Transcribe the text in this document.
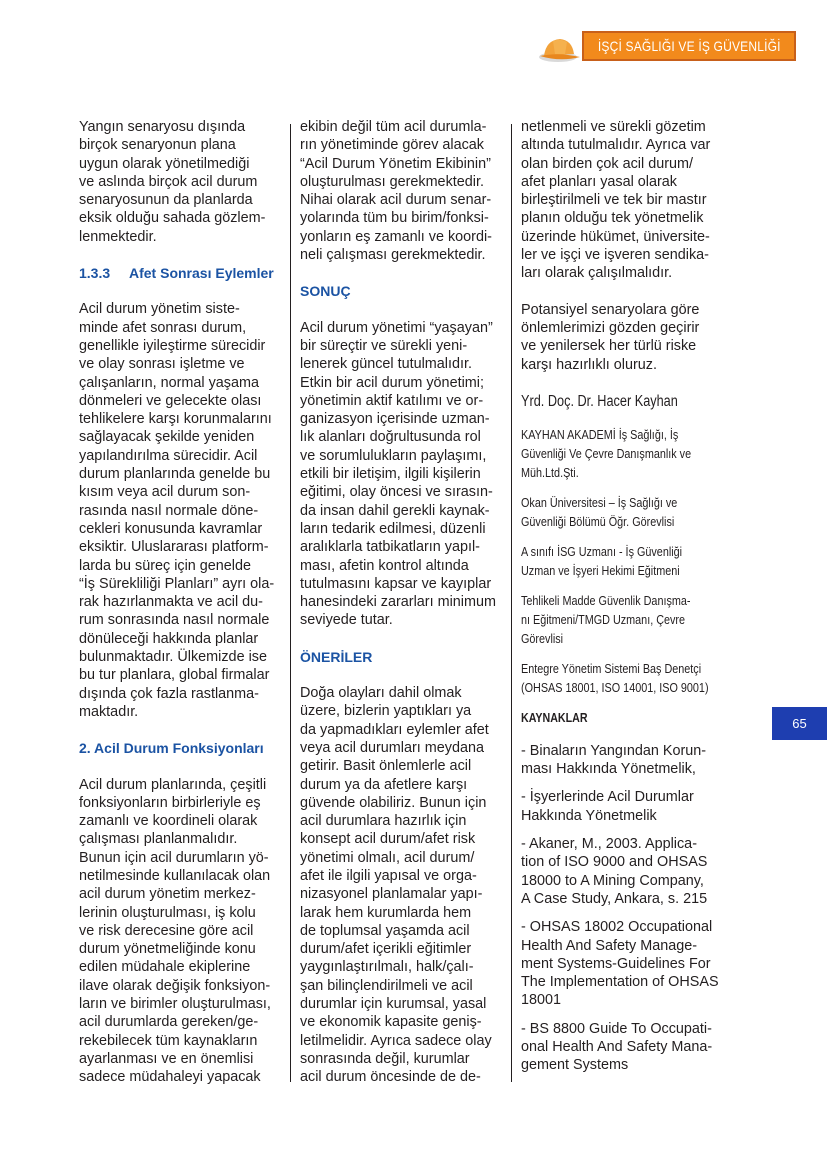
İŞÇİ SAĞLIĞI VE İŞ GÜVENLİĞİ

Yangın senaryosu dışında
birçok senaryonun plana
uygun olarak yönetilmediği
ve aslında birçok acil durum
senaryosunun da planlarda
eksik olduğu sahada gözlem-
lenmektedir.

1.3.3 Afet Sonrası Eylemler

Acil durum yönetim siste-
minde afet sonrası durum,
genellikle iyileştirme sürecidir
ve olay sonrası işletme ve
çalışanların, normal yaşama
dönmeleri ve gelecekte olası
tehlikelere karşı korunmalarını
sağlayacak şekilde yeniden
yapılandırılma sürecidir. Acil
durum planlarında genelde bu
kısım veya acil durum son-
rasında nasıl normale döne-
cekleri konusunda kavramlar
eksiktir. Uluslararası platform-
larda bu süreç için genelde
“İş Sürekliliği Planları” ayrı ola-
rak hazırlanmakta ve acil du-
rum sonrasında nasıl normale
dönüleceği hakkında planlar
bulunmaktadır. Ülkemizde ise
bu tur planlara, global firmalar
dışında çok fazla rastlanma-
maktadır.

2. Acil Durum Fonksiyonları

Acil durum planlarında, çeşitli
fonksiyonların birbirleriyle eş
zamanlı ve koordineli olarak
çalışması planlanmalıdır.
Bunun için acil durumların yö-
netilmesinde kullanılacak olan
acil durum yönetim merkez-
lerinin oluşturulması, iş kolu
ve risk derecesine göre acil
durum yönetmeliğinde konu
edilen müdahale ekiplerine
ilave olarak değişik fonksiyon-
ların ve birimler oluşturulması,
acil durumlarda gereken/ge-
rekebilecek tüm kaynakların
ayarlanması ve en önemlisi
sadece müdahaleyi yapacak

ekibin değil tüm acil durumla-
rın yönetiminde görev alacak
“Acil Durum Yönetim Ekibinin”
oluşturulması gerekmektedir.
Nihai olarak acil durum senar-
yolarında tüm bu birim/fonksi-
yonların eş zamanlı ve koordi-
neli çalışması gerekmektedir.

SONUÇ

Acil durum yönetimi “yaşayan”
bir süreçtir ve sürekli yeni-
lenerek güncel tutulmalıdır.
Etkin bir acil durum yönetimi;
yönetimin aktif katılımı ve or-
ganizasyon içerisinde uzman-
lık alanları doğrultusunda rol
ve sorumlulukların paylaşımı,
etkili bir iletişim, ilgili kişilerin
eğitimi, olay öncesi ve sırasın-
da insan dahil gerekli kaynak-
ların tedarik edilmesi, düzenli
aralıklarla tatbikatların yapıl-
ması, afetin kontrol altında
tutulmasını kapsar ve kayıplar
hanesindeki zararları minimum
seviyede tutar.

ÖNERİLER

Doğa olayları dahil olmak
üzere, bizlerin yaptıkları ya
da yapmadıkları eylemler afet
veya acil durumları meydana
getirir. Basit önlemlerle acil
durum ya da afetlere karşı
güvende olabiliriz. Bunun için
acil durumlara hazırlık için
konsept acil durum/afet risk
yönetimi olmalı, acil durum/
afet ile ilgili yapısal ve orga-
nizasyonel planlamalar yapı-
larak hem kurumlarda hem
de toplumsal yaşamda acil
durum/afet içerikli eğitimler
yaygınlaştırılmalı, halk/çalı-
şan bilinçlendirilmeli ve acil
durumlar için kurumsal, yasal
ve ekonomik kapasite geniş-
letilmelidir. Ayrıca sadece olay
sonrasında değil, kurumlar
acil durum öncesinde de de-

netlenmeli ve sürekli gözetim
altında tutulmalıdır. Ayrıca var
olan birden çok acil durum/
afet planları yasal olarak
birleştirilmeli ve tek bir mastır
planın olduğu tek yönetmelik
üzerinde hükümet, üniversite-
ler ve işçi ve işveren sendika-
ları olarak çalışılmalıdır.

Potansiyel senaryolara göre
önlemlerimizi gözden geçirir
ve yenilersek her türlü riske
karşı hazırlıklı oluruz.

Yrd. Doç. Dr. Hacer Kayhan
KAYHAN AKADEMİ İş Sağlığı, İş
Güvenliği Ve Çevre Danışmanlık ve
Müh.Ltd.Şti.
Okan Üniversitesi – İş Sağlığı ve
Güvenliği Bölümü Öğr. Görevlisi
A sınıfı İSG Uzmanı - İş Güvenliği
Uzman ve İşyeri Hekimi Eğitmeni
Tehlikeli Madde Güvenlik Danışma-
nı Eğitmeni/TMGD Uzmanı, Çevre
Görevlisi
Entegre Yönetim Sistemi Baş Denetçi
(OHSAS 18001, ISO 14001, ISO 9001)
KAYNAKLAR
- Binaların Yangından Korun-
ması Hakkında Yönetmelik,
- İşyerlerinde Acil Durumlar
Hakkında Yönetmelik
- Akaner, M., 2003. Applica-
tion of ISO 9000 and OHSAS
18000 to A Mining Company,
A Case Study, Ankara, s. 215
- OHSAS 18002 Occupational
Health And Safety Manage-
ment Systems-Guidelines For
The Implementation of OHSAS
18001
- BS 8800 Guide To Occupati-
onal Health And Safety Mana-
gement Systems
65
